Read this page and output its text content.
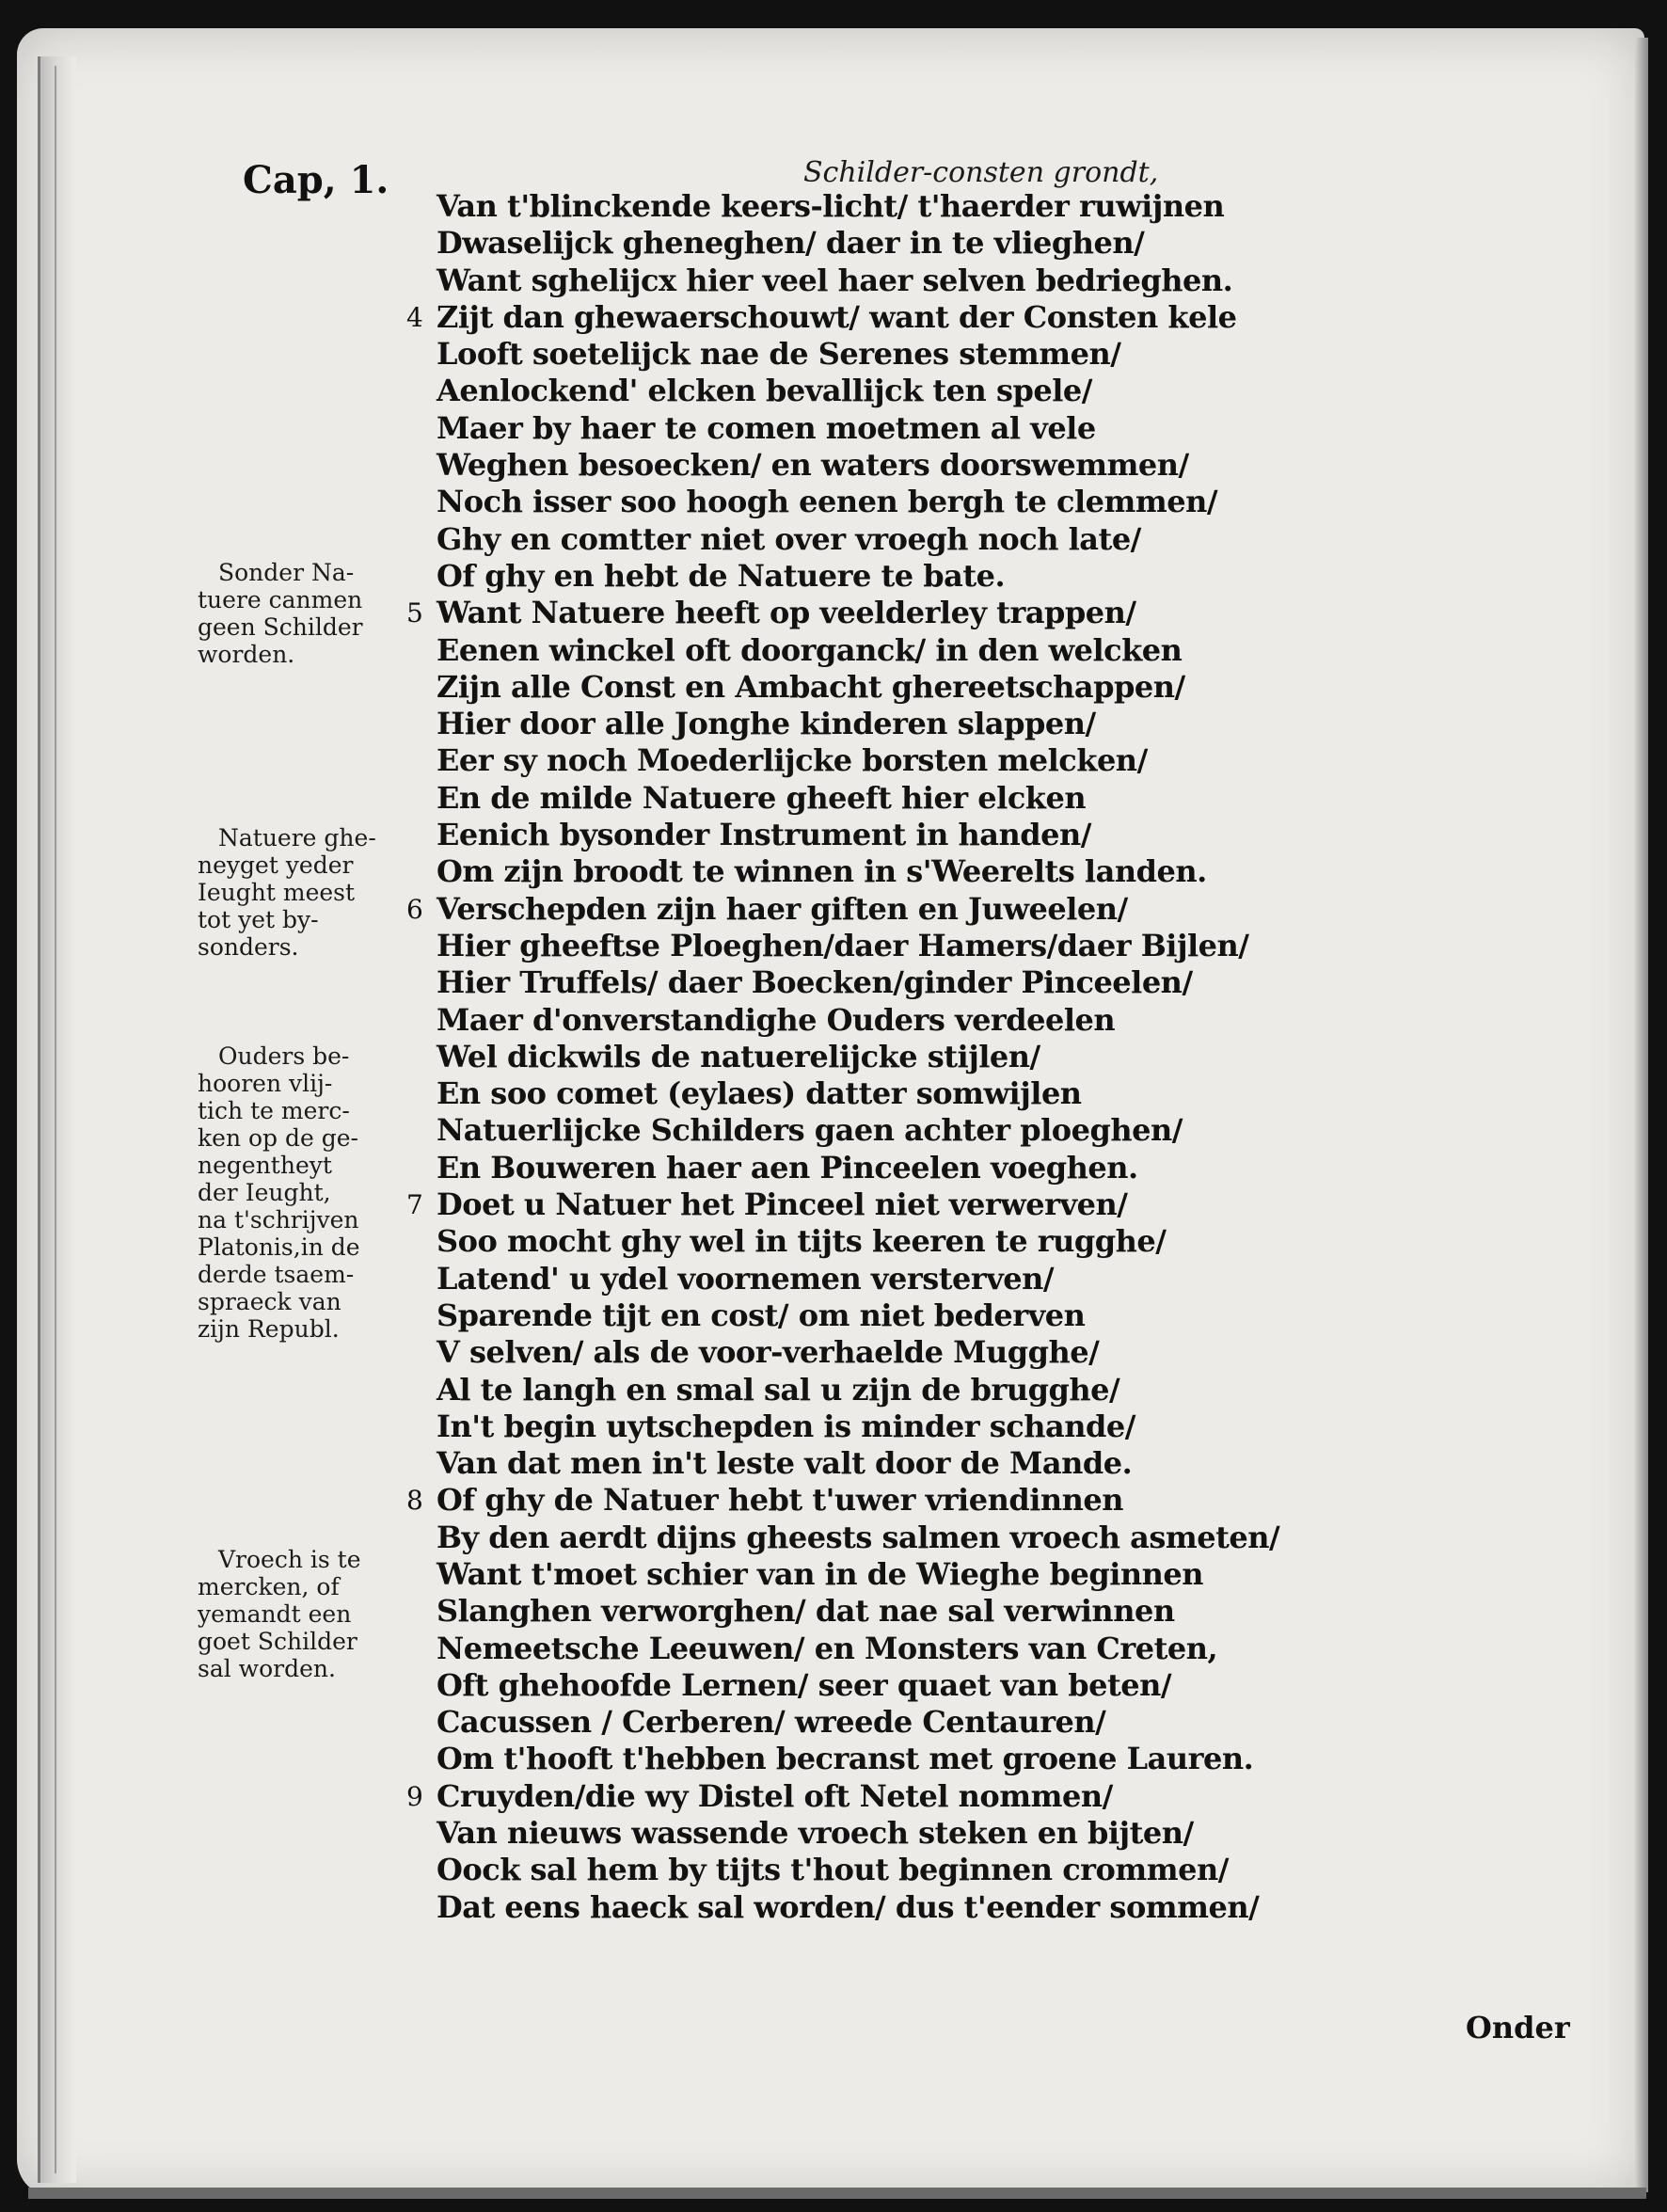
Schilder-consten grondt,
Cap, 1.
Van t'blinckende keers-licht/ t'haerder ruwijnen
Dwaselijck gheneghen/ daer in te vlieghen/
Want sghelijcx hier veel haer selven bedrieghen.
4 Zijt dan ghewaerschouwt/ want der Consten kele
Looft soetelijck nae de Serenes stemmen/
Aenlockend' elcken bevallijck ten spele/
Maer by haer te comen moetmen al vele
Weghen besoecken/ en waters doorswemmen/
Noch isser soo hoogh eenen bergh te clemmen/
Ghy en comtter niet over vroegh noch late/
Of ghy en hebt de Natuere te bate.
5 Want Natuere heeft op veelderley trappen/
Eenen winckel oft doorganck/ in den welcken
Zijn alle Const en Ambacht ghereetschappen/
Hier door alle Jonghe kinderen slappen/
Eer sy noch Moederlijcke borsten melcken/
En de milde Natuere gheeft hier elcken
Eenich bysonder Instrument in handen/
Om zijn broodt te winnen in s'Weerelts landen.
6 Verschepden zijn haer giften en Juweelen/
Hier gheeftse Ploeghen/daer Hamers/daer Bijlen/
Hier Truffels/ daer Boecken/ginder Pinceelen/
Maer d'onverstandighe Ouders verdeelen
Wel dickwils de natuerelijcke stijlen/
En soo comet (eylaes) datter somwijlen
Natuerlijcke Schilders gaen achter ploeghen/
En Bouweren haer aen Pinceelen voeghen.
7 Doet u Natuer het Pinceel niet verwerven/
Soo mocht ghy wel in tijts keeren te rugghe/
Latend' u ydel voornemen versterven/
Sparende tijt en cost/ om niet bederven
V selven/ als de voor-verhaelde Mugghe/
Al te langh en smal sal u zijn de brugghe/
In't begin uytschepden is minder schande/
Van dat men in't leste valt door de Mande.
8 Of ghy de Natuer hebt t'uwer vriendinnen
By den aerdt dijns gheests salmen vroech asmeten/
Want t'moet schier van in de Wieghe beginnen
Slanghen verworghen/ dat nae sal verwinnen
Nemeetsche Leeuwen/ en Monsters van Creten,
Oft ghehoofde Lernen/ seer quaet van beten/
Cacussen / Cerberen/ wreede Centauren/
Om t'hooft t'hebben becranst met groene Lauren.
9 Cruyden/die wy Distel oft Netel nommen/
Van nieuws wassende vroech steken en bijten/
Oock sal hem by tijts t'hout beginnen crommen/
Dat eens haeck sal worden/ dus t'eender sommen/
Sonder Na-
tuere canmen
geen Schilder
worden.
Natuere ghe-
neyget yeder
Ieught meest
tot yet by-
sonders.
Ouders be-
hooren vlij-
tich te merc-
ken op de ge-
negentheyt
der Ieught,
na t'schrijven
Platonis,in de
derde tsaem-
spraeck van
zijn Republ.
Vroech is te
mercken, of
yemandt een
goet Schilder
sal worden.
Onder
